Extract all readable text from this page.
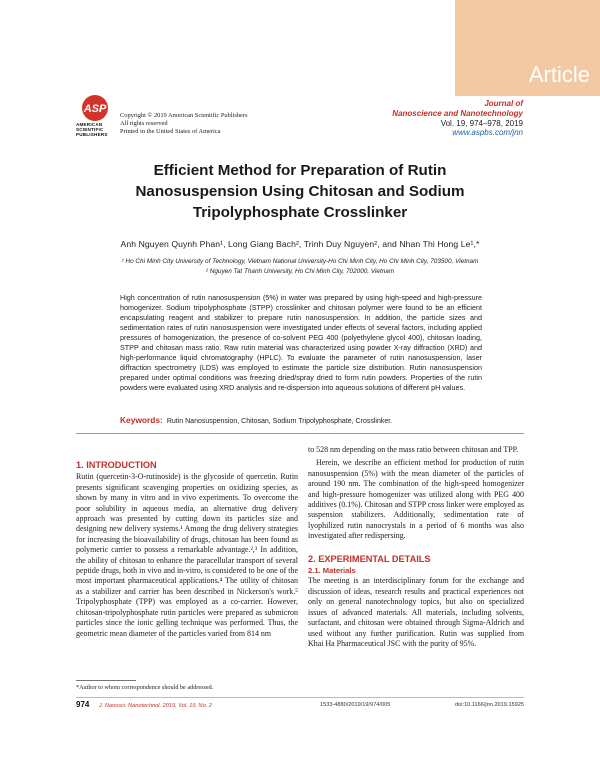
Article
ASP
AMERICAN
SCIENTIFIC
PUBLISHERS
Copyright © 2019 American Scientific Publishers
All rights reserved
Printed in the United States of America
Journal of
Nanoscience and Nanotechnology
Vol. 19, 974–978, 2019
www.aspbs.com/jnn
Efficient Method for Preparation of Rutin
Nanosuspension Using Chitosan and Sodium
Tripolyphosphate Crosslinker
Anh Nguyen Quynh Phan¹, Long Giang Bach², Trinh Duy Nguyen², and Nhan Thi Hong Le¹,*
¹ Ho Chi Minh City University of Technology, Vietnam National University-Ho Chi Minh City, Ho Chi Minh City, 703500, Vietnam
² Nguyen Tat Thanh University, Ho Chi Minh City, 702000, Vietnam
High concentration of rutin nanosuspension (5%) in water was prepared by using high-speed and high-pressure homogenizer. Sodium tripolyphosphate (STPP) crosslinker and chitosan polymer were found to be an efficient encapsulating reagent and stabilizer to prepare rutin nanosuspension. In addition, the particle sizes and sedimentation rates of rutin nanosuspension were investigated under effects of several factors, including applied pressures of homogenization, the presence of co-solvent PEG 400 (polyethylene glycol 400), chitosan loading, STPP and chitosan mass ratio. Raw rutin material was characterized using powder X-ray diffraction (XRD) and high-performance liquid chromatography (HPLC). To evaluate the parameter of rutin nanosuspension, laser diffraction spectrometry (LDS) was employed to estimate the particle size distribution. Rutin nanosuspension prepared under optimal conditions was freezing dried/spray dried to form rutin powders. Properties of the rutin powders were evaluated using XRD analysis and re-dispersion into aqueous solutions of different pH values.
Keywords: Rutin Nanosuspension, Chitosan, Sodium Tripolyphosphate, Crosslinker.
1. INTRODUCTION

Rutin (quercetin-3-O-rutinoside) is the glycoside of quercetin. Rutin presents significant scavenging properties on oxidizing species, as shown by many in vitro and in vivo experiments. To overcome the poor solubility in aqueous media, an alternative drug delivery approach was presented by cutting down its particles size and designing new delivery systems.¹ Among the drug delivery strategies for increasing the bioavailability of drugs, chitosan has been found as polymeric carrier to possess a remarkable advantage.²,³ In addition, the ability of chitosan to enhance the paracellular transport of several peptide drugs, both in vivo and in-vitro, is considered to be one of the most important pharmaceutical applications.⁴ The utility of chitosan as a stabilizer and carrier has been described in Nickerson's work.⁵ Tripolyphosphate (TPP) was employed as a co-carrier. However, chitosan-tripolyphosphate rutin particles were prepared as submicron particles since the ionic gelling technique was performed. Thus, the geometric mean diameter of the particles varied from 814 nm

to 528 nm depending on the mass ratio between chitosan and TPP.

Herein, we describe an efficient method for production of rutin nanosuspension (5%) with the mean diameter of the particles of around 190 nm. The combination of the high-speed homogenizer and high-pressure homogenizer was utilized along with PEG 400 additives (0.1%). Chitosan and STPP cross linker were employed as suspension stabilizers. Additionally, sedimentation rate of lyophilized rutin nanocrystals in a period of 6 months was also investigated after redispersing.

2. EXPERIMENTAL DETAILS
2.1. Materials

The meeting is an interdisciplinary forum for the exchange and discussion of ideas, research results and practical experiences not only on general nanotechnology topics, but also on specialized issues of advanced materials. All materials, including solvents, surfactant, and chitosan were obtained through Sigma-Aldrich and used without any further purification. Rutin was supplied from Khai Ha Pharmaceutical JSC with the purity of 95%.

*Author to whom correspondence should be addressed.
974 J. Nanosci. Nanotechnol. 2019, Vol. 19, No. 2	1533-4880/2019/19/974/005	doi:10.1166/jnn.2019.15925
